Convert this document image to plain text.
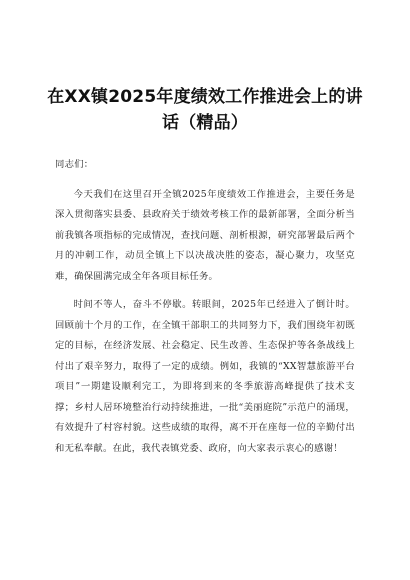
在XX镇2025年度绩效工作推进会上的讲话（精品）
同志们：

今天我们在这里召开全镇2025年度绩效工作推进会，主要任务是深入贯彻落实县委、县政府关于绩效考核工作的最新部署，全面分析当前我镇各项指标的完成情况，查找问题、剖析根源，研究部署最后两个月的冲刺工作，动员全镇上下以决战决胜的姿态，凝心聚力，攻坚克难，确保圆满完成全年各项目标任务。

时间不等人，奋斗不停歇。转眼间，2025年已经进入了倒计时。回顾前十个月的工作，在全镇干部职工的共同努力下，我们围绕年初既定的目标，在经济发展、社会稳定、民生改善、生态保护等各条战线上付出了艰辛努力，取得了一定的成绩。例如，我镇的“XX智慧旅游平台项目”一期建设顺利完工，为即将到来的冬季旅游高峰提供了技术支撑；乡村人居环境整治行动持续推进，一批“美丽庭院”示范户的涌现，有效提升了村容村貌。这些成绩的取得，离不开在座每一位的辛勤付出和无私奉献。在此，我代表镇党委、政府，向大家表示衷心的感谢！
